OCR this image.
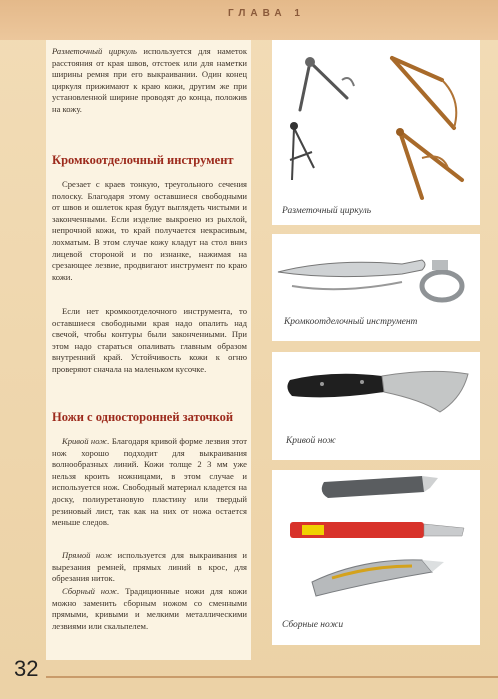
ГЛАВА 1
Разметочный циркуль используется для наметок расстояния от края швов, отстоек или для наметки ширины ремня при его выкраивании. Один конец циркуля прижимают к краю кожи, другим же при установленной ширине проводят до конца, положив на кожу.
Кромкоотделочный инструмент
Срезает с краев тонкую, треугольного сечения полоску. Благодаря этому оставшиеся свободными от швов и ошлеток края будут выглядеть чистыми и законченными. Если изделие выкроено из рыхлой, непрочной кожи, то край получается некрасивым, лохматым. В этом случае кожу кладут на стол вниз лицевой стороной и по изнанке, нажимая на срезающее лезвие, продвигают инструмент по краю кожи.
Если нет кромкоотделочного инструмента, то оставшиеся свободными края надо опалить над свечой, чтобы контуры были закончениыми. При этом надо стараться опаливать главным образом внутренний край. Устойчивость кожи к огню проверяют сначала на маленьком кусочке.
Ножи с односторонней заточкой
Кривой нож. Благодаря кривой форме лезвия этот нож хорошо подходит для выкраивания волнообразных линий. Кожи толще 2 3 мм уже нельзя кроить ножницами, в этом случае и используется нож. Свободный материал кладется на доску, полиуретановую пластину или твердый резиновый лист, так как на них от ножа остается меньше следов.
Прямой нож используется для выкраивания и вырезания ремней, прямых линий в крос, для обрезания ниток.
Сборный нож. Традиционные ножи для кожи можно заменить сборным ножом со сменными прямыми, кривыми и мелкими металлическими лезвиями или скальпелем.
Разметочный циркуль
Кромкоотделочный инструмент
Кривой нож
Сборные ножи
32
